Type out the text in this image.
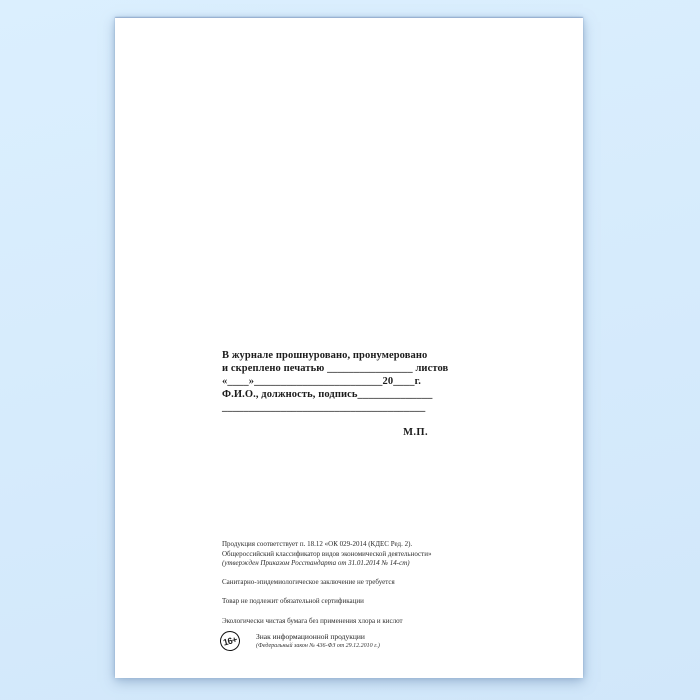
В журнале прошнуровано, пронумеровано
и скреплено печатью ________________ листов
«____»________________________20____г.
Ф.И.О., должность, подпись______________
______________________________________
М.П.
Продукция соответствует п. 18.12 «ОК 029-2014 (КДЕС Ред. 2).
Общероссийский классификатор видов экономической деятельности»
(утвержден Приказом Росстандарта от 31.01.2014 № 14-ст)
Санитарно-эпидемиологическое заключение не требуется
Товар не подлежит обязательной сертификации
Экологически чистая бумага без применения хлора и кислот
16+ Знак информационной продукции
(Федеральный закон № 436-ФЗ от 29.12.2010 г.)
